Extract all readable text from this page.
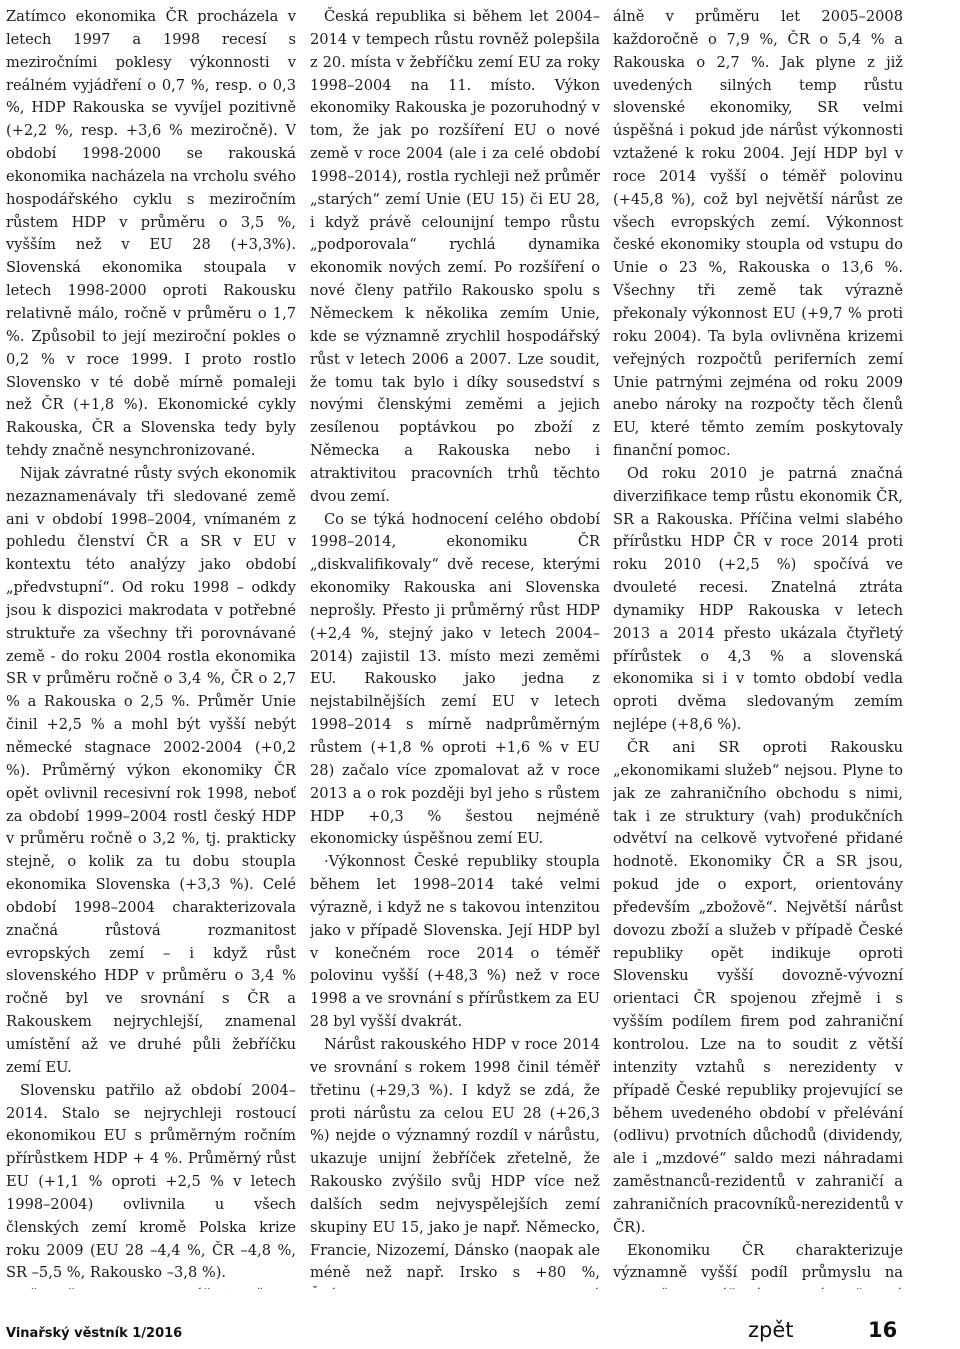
Zatímco ekonomika ČR procházela v letech 1997 a 1998 recesí s meziročními poklesy výkonnosti v reálném vyjádření o 0,7 %, resp. o 0,3 %, HDP Rakouska se vyvíjel pozitivně (+2,2 %, resp. +3,6 % meziročně). V období 1998-2000 se rakouská ekonomika nacházela na vrcholu svého hospodářského cyklu s meziročním růstem HDP v průměru o 3,5 %, vyšším než v EU 28 (+3,3%). Slovenská ekonomika stoupala v letech 1998-2000 oproti Rakousku relativně málo, ročně v průměru o 1,7 %. Způsobil to její meziroční pokles o 0,2 % v roce 1999. I proto rostlo Slovensko v té době mírně pomaleji než ČR (+1,8 %). Ekonomické cykly Rakouska, ČR a Slovenska tedy byly tehdy značně nesynchronizované.

Nijak závratné růsty svých ekonomik nezaznamenávaly tři sledované země ani v období 1998–2004, vnímaném z pohledu členství ČR a SR v EU v kontextu této analýzy jako období „předvstupní“. Od roku 1998 – odkdy jsou k dispozici makrodata v potřebné struktuře za všechny tři porovnávané země - do roku 2004 rostla ekonomika SR v průměru ročně o 3,4 %, ČR o 2,7 % a Rakouska o 2,5 %. Průměr Unie činil +2,5 % a mohl být vyšší nebýt německé stagnace 2002-2004 (+0,2 %). Průměrný výkon ekonomiky ČR opět ovlivnil recesivní rok 1998, neboť za období 1999–2004 rostl český HDP v průměru ročně o 3,2 %, tj. prakticky stejně, o kolik za tu dobu stoupla ekonomika Slovenska (+3,3 %). Celé období 1998–2004 charakterizovala značná růstová rozmanitost evropských zemí – i když růst slovenského HDP v průměru o 3,4 % ročně byl ve srovnání s ČR a Rakouskem nejrychlejší, znamenal umístění až ve druhé půli žebříčku zemí EU.

Slovensku patřilo až období 2004–2014. Stalo se nejrychleji rostoucí ekonomikou EU s průměrným ročním přírůstkem HDP + 4 %. Průměrný růst EU (+1,1 % oproti +2,5 % v letech 1998–2004) ovlivnila u všech členských zemí kromě Polska krize roku 2009 (EU 28 –4,4 %, ČR –4,8 %, SR –5,5 %, Rakousko –3,8 %).

Česká republika si během let 2004–2014 v tempech růstu rovněž polepšila z 20. místa v žebříčku zemí EU za roky 1998–2004 na 11. místo. Výkon ekonomiky Rakouska je pozoruhodný v tom, že jak po rozšíření EU o nové země v roce 2004 (ale i za celé období 1998–2014), rostla rychleji než průměr „starých“ zemí Unie (EU 15) či EU 28, i když právě celounijní tempo růstu „podporovala“ rychlá dynamika ekonomik nových zemí. Po rozšíření o nové členy patřilo Rakousko spolu s Německem k několika zemím Unie, kde se významně zrychlil hospodářský růst v letech 2006 a 2007. Lze soudit, že tomu tak bylo i díky sousedství s novými členskými zeměmi a jejich zesílenou poptávkou po zboží z Německa a Rakouska nebo i atraktivitou pracovních trhů těchto dvou zemí.

Co se týká hodnocení celého období 1998–2014, ekonomiku ČR „diskvalifikovaly“ dvě recese, kterými ekonomiky Rakouska ani Slovenska neprošly. Přesto ji průměrný růst HDP (+2,4 %, stejný jako v letech 2004–2014) zajistil 13. místo mezi zeměmi EU. Rakousko jako jedna z nejstabilnějších zemí EU v letech 1998–2014 s mírně nadprůměrným růstem (+1,8 % oproti +1,6 % v EU 28) začalo více zpomalovat až v roce 2013 a o rok později byl jeho s růstem HDP +0,3 % šestou nejméně ekonomicky úspěšnou zemí EU.

·Výkonnost České republiky stoupla během let 1998–2014 také velmi výrazně, i když ne s takovou intenzitou jako v případě Slovenska. Její HDP byl v konečném roce 2014 o téměř polovinu vyšší (+48,3 %) než v roce 1998 a ve srovnání s přírůstkem za EU 28 byl vyšší dvakrát.

Nárůst rakouského HDP v roce 2014 ve srovnání s rokem 1998 činil téměř třetinu (+29,3 %). I když se zdá, že proti nárůstu za celou EU 28 (+26,3 %) nejde o významný rozdíl v nárůstu, ukazuje unijní žebříček zřetelně, že Rakousko zvýšilo svůj HDP více než dalších sedm nejvyspělejších zemí skupiny EU 15, jako je např. Německo, Francie, Nizozemí, Dánsko (naopak ale méně než např. Irsko s +80 %,

álně v průměru let 2005–2008 každoročně o 7,9 %, ČR o 5,4 % a Rakouska o 2,7 %. Jak plyne z již uvedených silných temp růstu slovenské ekonomiky, SR velmi úspěšná i pokud jde nárůst výkonnosti vztažené k roku 2004. Její HDP byl v roce 2014 vyšší o téměř polovinu (+45,8 %), což byl největší nárůst ze všech evropských zemí. Výkonnost české ekonomiky stoupla od vstupu do Unie o 23 %, Rakouska o 13,6 %. Všechny tři země tak výrazně překonaly výkonnost EU (+9,7 % proti roku 2004). Ta byla ovlivněna krizemi veřejných rozpočtů periferních zemí Unie patrnými zejména od roku 2009 anebo nároky na rozpočty těch členů EU, které těmto zemím poskytovaly finanční pomoc.

Od roku 2010 je patrná značná diverzifikace temp růstu ekonomik ČR, SR a Rakouska. Příčina velmi slabého přírůstku HDP ČR v roce 2014 proti roku 2010 (+2,5 %) spočívá ve dvouleté recesi. Znatelná ztráta dynamiky HDP Rakouska v letech 2013 a 2014 přesto ukázala čtyřletý přírůstek o 4,3 % a slovenská ekonomika si i v tomto období vedla oproti dvěma sledovaným zemím nejlépe (+8,6 %).

ČR ani SR oproti Rakousku „ekonomikami služeb“ nejsou. Plyne to jak ze zahraničního obchodu s nimi, tak i ze struktury (vah) produkčních odvětví na celkově vytvořené přidané hodnotě. Ekonomiky ČR a SR jsou, pokud jde o export, orientovány především „zbožově“. Největší nárůst dovozu zboží a služeb v případě České republiky opět indikuje oproti Slovensku vyšší dovozně-vývozní orientaci ČR spojenou zřejmě i s vyšším podílem firem pod zahraniční kontrolou. Lze na to soudit z větší intenzity vztahů s nerezidenty v případě České republiky projevující se během uvedeného období v přelévání (odlivu) prvotních důchodů (dividendy, ale i „mzdové“ saldo mezi náhradami zaměstnanců-rezidentů v zahraničí a zahraničních pracovníků-nerezidentů v ČR).

Ekonomiku ČR charakterizuje významně vyšší podíl průmyslu na

Vinařský věstník 1/2016	zpět	16
